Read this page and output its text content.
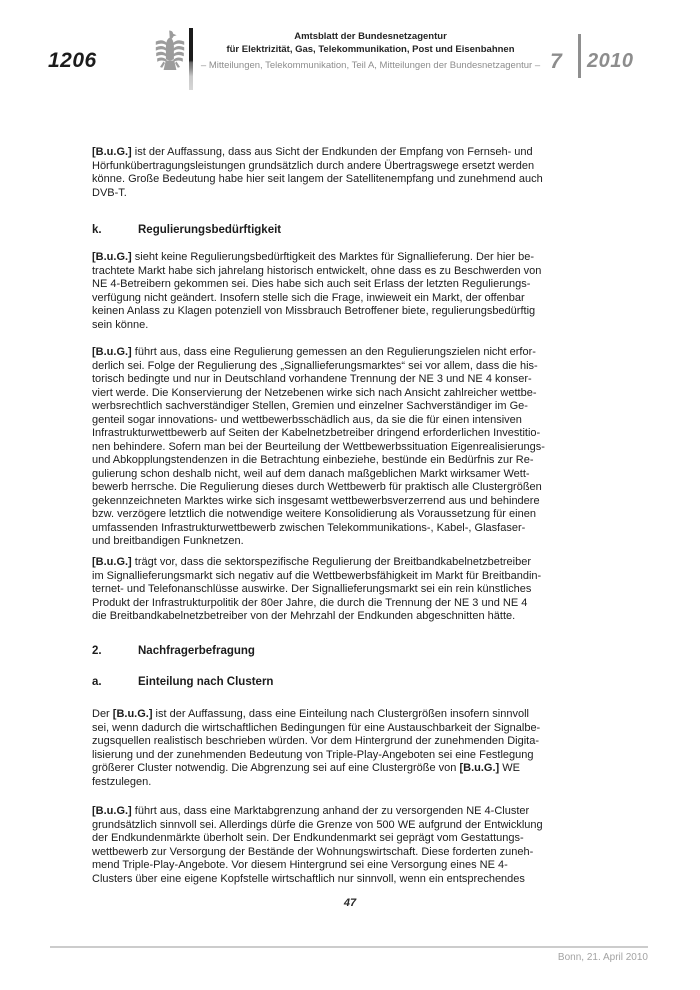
1206
Amtsblatt der Bundesnetzagentur
für Elektrizität, Gas, Telekommunikation, Post und Eisenbahnen
– Mitteilungen, Telekommunikation, Teil A, Mitteilungen der Bundesnetzagentur – 7	2010
[B.u.G.] ist der Auffassung, dass aus Sicht der Endkunden der Empfang von Fernseh- und
Hörfunkübertragungsleistungen grundsätzlich durch andere Übertragswege ersetzt werden
könne. Große Bedeutung habe hier seit langem der Satellitenempfang und zunehmend auch
DVB-T.
k.	Regulierungsbedürftigkeit
[B.u.G.] sieht keine Regulierungsbedürftigkeit des Marktes für Signallieferung. Der hier be-
trachtete Markt habe sich jahrelang historisch entwickelt, ohne dass es zu Beschwerden von
NE 4-Betreibern gekommen sei. Dies habe sich auch seit Erlass der letzten Regulierungs-
verfügung nicht geändert. Insofern stelle sich die Frage, inwieweit ein Markt, der offenbar
keinen Anlass zu Klagen potenziell von Missbrauch Betroffener biete, regulierungsbedürftig
sein könne.
[B.u.G.] führt aus, dass eine Regulierung gemessen an den Regulierungszielen nicht erfor-
derlich sei. Folge der Regulierung des „Signallieferungsmarktes“ sei vor allem, dass die his-
torisch bedingte und nur in Deutschland vorhandene Trennung der NE 3 und NE 4 konser-
viert werde. Die Konservierung der Netzebenen wirke sich nach Ansicht zahlreicher wettbe-
werbsrechtlich sachverständiger Stellen, Gremien und einzelner Sachverständiger im Ge-
genteil sogar innovations- und wettbewerbsschädlich aus, da sie die für einen intensiven
Infrastrukturwettbewerb auf Seiten der Kabelnetzbetreiber dringend erforderlichen Investitio-
nen behindere. Sofern man bei der Beurteilung der Wettbewerbssituation Eigenrealisierungs-
und Abkopplungstendenzen in die Betrachtung einbeziehe, bestünde ein Bedürfnis zur Re-
gulierung schon deshalb nicht, weil auf dem danach maßgeblichen Markt wirksamer Wett-
bewerb herrsche. Die Regulierung dieses durch Wettbewerb für praktisch alle Clustergrößen
gekennzeichneten Marktes wirke sich insgesamt wettbewerbsverzerrend aus und behindere
bzw. verzögere letztlich die notwendige weitere Konsolidierung als Voraussetzung für einen
umfassenden Infrastrukturwettbewerb zwischen Telekommunikations-, Kabel-, Glasfaser-
und breitbandigen Funknetzen.
[B.u.G.] trägt vor, dass die sektorspezifische Regulierung der Breitbandkabelnetzbetreiber
im Signallieferungsmarkt sich negativ auf die Wettbewerbsfähigkeit im Markt für Breitbandin-
ternet- und Telefonanschlüsse auswirke. Der Signallieferungsmarkt sei ein rein künstliches
Produkt der Infrastrukturpolitik der 80er Jahre, die durch die Trennung der NE 3 und NE 4
die Breitbandkabelnetzbetreiber von der Mehrzahl der Endkunden abgeschnitten hätte.
2.	Nachfragerbefragung
a.	Einteilung nach Clustern
Der [B.u.G.] ist der Auffassung, dass eine Einteilung nach Clustergrößen insofern sinnvoll
sei, wenn dadurch die wirtschaftlichen Bedingungen für eine Austauschbarkeit der Signalbe-
zugsquellen realistisch beschrieben würden. Vor dem Hintergrund der zunehmenden Digita-
lisierung und der zunehmenden Bedeutung von Triple-Play-Angeboten sei eine Festlegung
größerer Cluster notwendig. Die Abgrenzung sei auf eine Clustergröße von [B.u.G.] WE
festzulegen.
[B.u.G.] führt aus, dass eine Marktabgrenzung anhand der zu versorgenden NE 4-Cluster
grundsätzlich sinnvoll sei. Allerdings dürfe die Grenze von 500 WE aufgrund der Entwicklung
der Endkundenmärkte überholt sein. Der Endkundenmarkt sei geprägt vom Gestattungs-
wettbewerb zur Versorgung der Bestände der Wohnungswirtschaft. Diese forderten zuneh-
mend Triple-Play-Angebote. Vor diesem Hintergrund sei eine Versorgung eines NE 4-
Clusters über eine eigene Kopfstelle wirtschaftlich nur sinnvoll, wenn ein entsprechendes
47
Bonn, 21. April 2010
